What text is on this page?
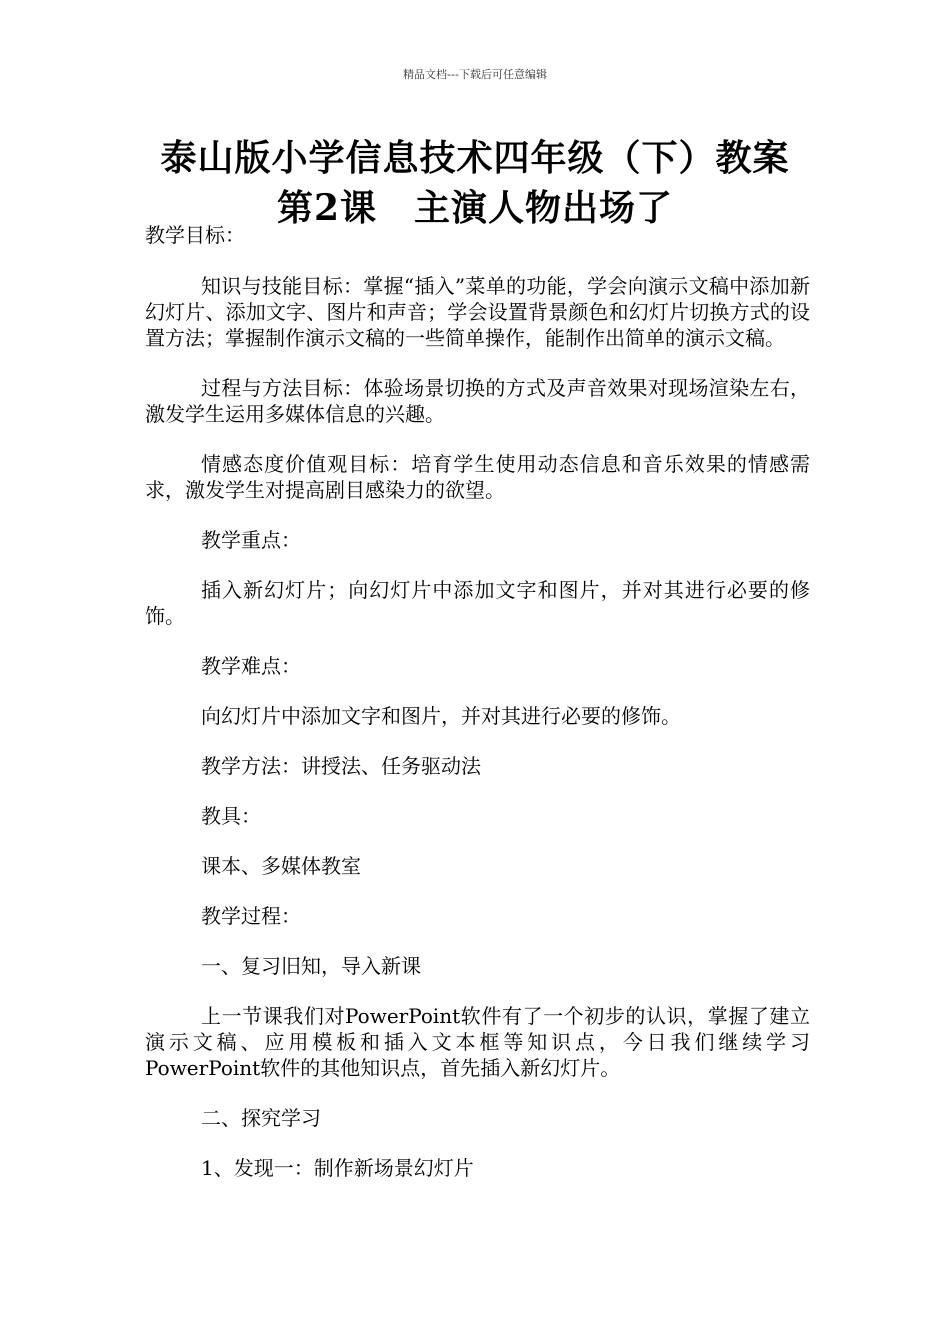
精品文档---下载后可任意编辑
泰山版小学信息技术四年级（下）教案
第2课　主演人物出场了

教学目标：

知识与技能目标：掌握“插入”菜单的功能，学会向演示文稿中添加新幻灯片、添加文字、图片和声音；学会设置背景颜色和幻灯片切换方式的设置方法；掌握制作演示文稿的一些简单操作，能制作出简单的演示文稿。

过程与方法目标：体验场景切换的方式及声音效果对现场渲染左右，激发学生运用多媒体信息的兴趣。

情感态度价值观目标：培育学生使用动态信息和音乐效果的情感需求，激发学生对提高剧目感染力的欲望。

教学重点：

插入新幻灯片；向幻灯片中添加文字和图片，并对其进行必要的修饰。

教学难点：

向幻灯片中添加文字和图片，并对其进行必要的修饰。

教学方法：讲授法、任务驱动法

教具：

课本、多媒体教室

教学过程：

一、复习旧知，导入新课

上一节课我们对PowerPoint软件有了一个初步的认识，掌握了建立演示文稿、应用模板和插入文本框等知识点，今日我们继续学习PowerPoint软件的其他知识点，首先插入新幻灯片。

二、探究学习

1、发现一：制作新场景幻灯片
